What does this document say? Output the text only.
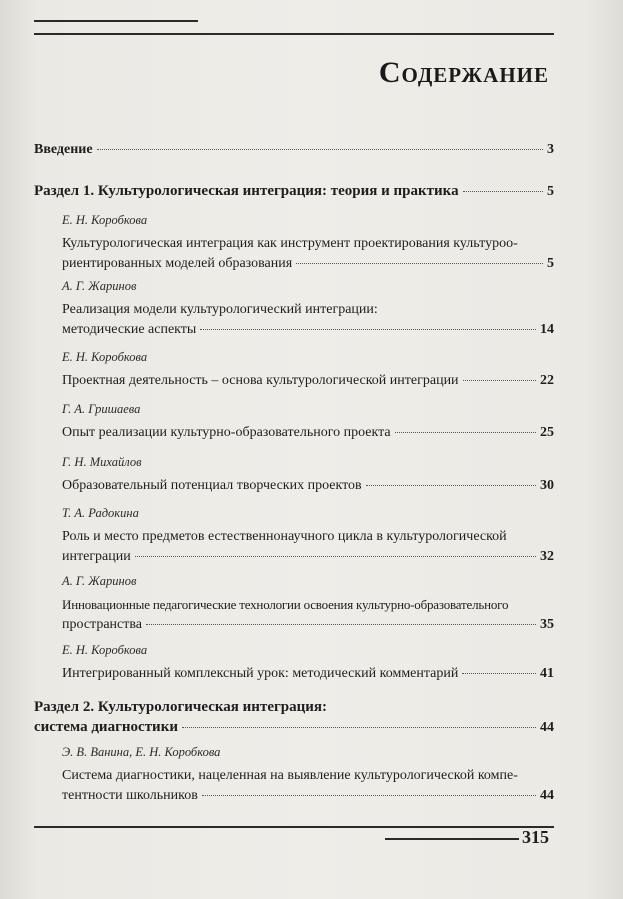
Содержание
Введение	3
Раздел 1. Культурологическая интеграция: теория и практика	5
Е. Н. Коробкова
Культурологическая интеграция как инструмент проектирования культуроо-
риентированных моделей образования	5
А. Г. Жаринов
Реализация модели культурологический интеграции:
методические аспекты	14
Е. Н. Коробкова
Проектная деятельность – основа культурологической интеграции	22
Г. А. Гришаева
Опыт реализации культурно-образовательного проекта	25
Г. Н. Михайлов
Образовательный потенциал творческих проектов	30
Т. А. Радокина
Роль и место предметов естественнонаучного цикла в культурологической
интеграции	32
А. Г. Жаринов
Инновационные педагогические технологии освоения культурно-образовательного
пространства	35
Е. Н. Коробкова
Интегрированный комплексный урок: методический комментарий	41
Раздел 2. Культурологическая интеграция:
система диагностики	44
Э. В. Ванина, Е. Н. Коробкова
Система диагностики, нацеленная на выявление культурологической компе-
тентности школьников	44
315
